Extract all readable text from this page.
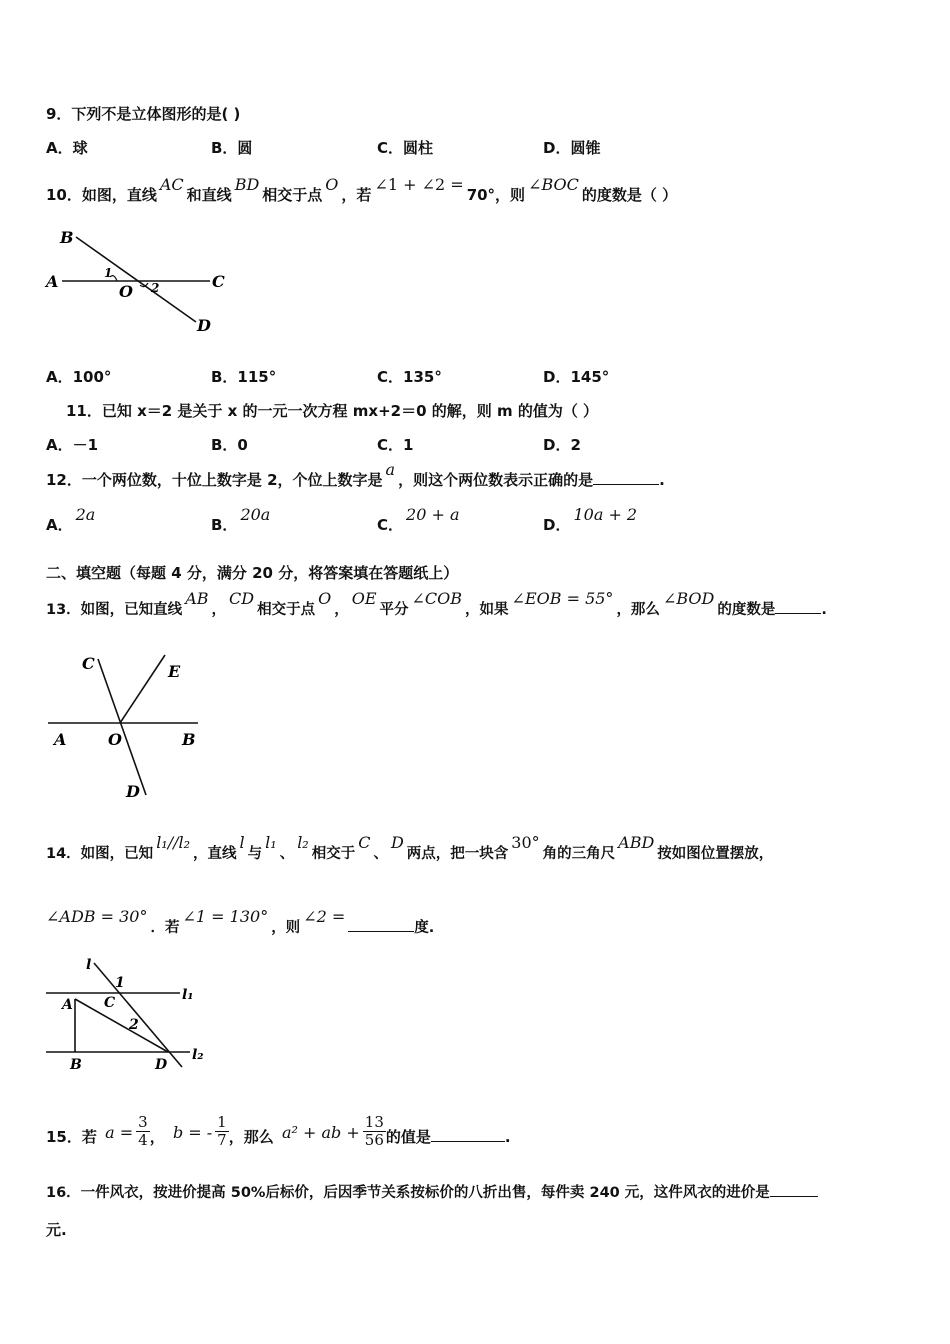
9．下列不是立体图形的是( )
A．球	B．圆	C．圆柱	D．圆锥
10．如图，直线AC和直线BD相交于点O，若∠1 + ∠2 =70°，则∠BOC的度数是（ ）
B
A	C
O
D
1
2
A．100°	B．115°	C．135°	D．145°
11．已知 x＝2 是关于 x 的一元一次方程 mx+2＝0 的解，则 m 的值为（ ）
A．－1	B．0	C．1	D．2
12．一个两位数，十位上数字是 2，个位上数字是a，则这个两位数表示正确的是	.
A．2a
B．20a
C．20 + a
D．10a + 2
二、填空题（每题 4 分，满分 20 分，将答案填在答题纸上）
13．如图，已知直线AB，CD相交于点O，OE平分∠COB，如果∠EOB = 55°，那么∠BOD的度数是	.
C	E
A	O	B
D
14．如图，已知l₁//l₂，直线l与l₁、l₂相交于C、D两点，把一块含30°角的三角尺ABD按如图位置摆放，
∠ADB = 30°．若∠1 = 130°，则∠2 =度.
l
1
l₁
C
A
2
B	D
l₂
15．若 $a = \frac{3}{4}$ ， b = - $\frac{1}{7}$ ，那么 a² + ab + $\frac{13}{56}$ 的值是	.
16．一件风衣，按进价提高 50%后标价，后因季节关系按标价的八折出售，每件卖 240 元，这件风衣的进价是
元.
